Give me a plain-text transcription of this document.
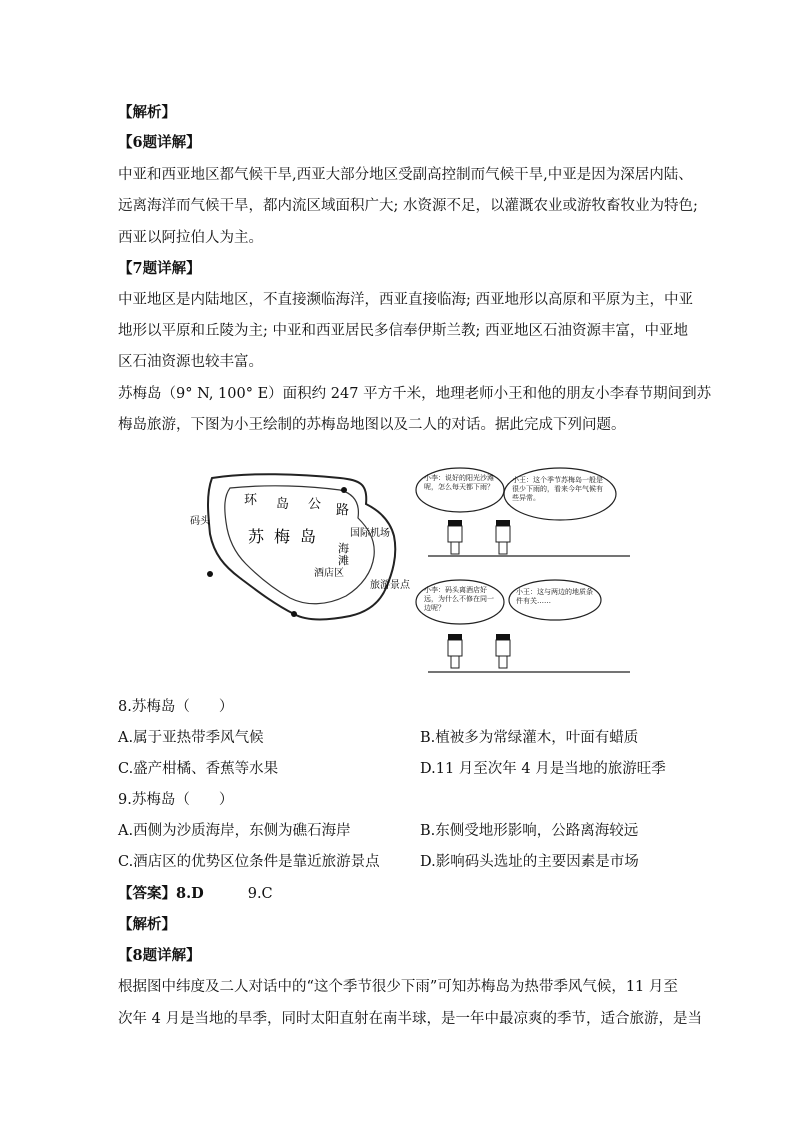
【解析】
【6题详解】
中亚和西亚地区都气候干旱,西亚大部分地区受副高控制而气候干旱,中亚是因为深居内陆、
远离海洋而气候干旱，都内流区域面积广大; 水资源不足，以灌溉农业或游牧畜牧业为特色;
西亚以阿拉伯人为主。
【7题详解】
中亚地区是内陆地区，不直接濒临海洋，西亚直接临海; 西亚地形以高原和平原为主，中亚
地形以平原和丘陵为主; 中亚和西亚居民多信奉伊斯兰教; 西亚地区石油资源丰富，中亚地
区石油资源也较丰富。
苏梅岛（9° N, 100° E）面积约 247 平方千米，地理老师小王和他的朋友小李春节期间到苏
梅岛旅游，下图为小王绘制的苏梅岛地图以及二人的对话。据此完成下列问题。
环 岛 公 路
国际机场
苏 梅 岛
码头
酒店区
旅游景点
海
滩
小李：说好的阳光沙滩呢，怎么每天都下雨？
小王：这个季节苏梅岛一般是很少下雨的，看来今年气候有些异常。
小李：码头离酒店好远，为什么不修在同一边呢？
小王：这与两边的地质条件有关……
8.苏梅岛（　　）
A.属于亚热带季风气候	B.植被多为常绿灌木，叶面有蜡质
C.盛产柑橘、香蕉等水果	D.11 月至次年 4 月是当地的旅游旺季
9.苏梅岛（　　）
A.西侧为沙质海岸，东侧为礁石海岸	B.东侧受地形影响，公路离海较远
C.酒店区的优势区位条件是靠近旅游景点	D.影响码头选址的主要因素是市场
【答案】8.D	9.C
【解析】
【8题详解】
根据图中纬度及二人对话中的“这个季节很少下雨”可知苏梅岛为热带季风气候，11 月至
次年 4 月是当地的旱季，同时太阳直射在南半球，是一年中最凉爽的季节，适合旅游，是当
